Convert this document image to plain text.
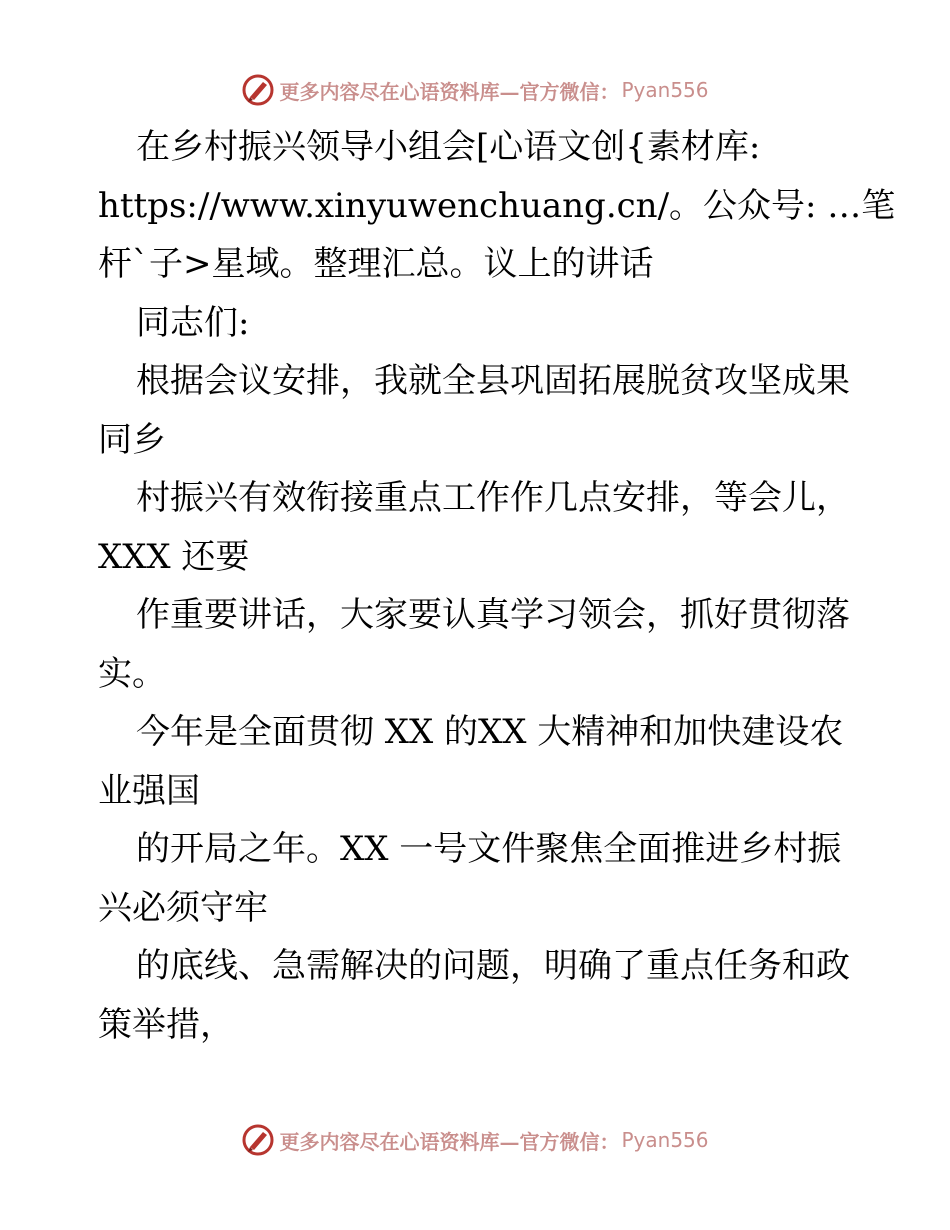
更多内容尽在心语资料库—官方微信： Pyan556
在乡村振兴领导小组会[心语文创{素材库:
https://www.xinyuwenchuang.cn/。公众号: …笔
杆`子>星域。整理汇总。议上的讲话
同志们:
根据会议安排，我就全县巩固拓展脱贫攻坚成果
同乡
村振兴有效衔接重点工作作几点安排，等会儿，
XXX 还要
作重要讲话，大家要认真学习领会，抓好贯彻落
实。
今年是全面贯彻 XX 的XX 大精神和加快建设农
业强国
的开局之年。XX 一号文件聚焦全面推进乡村振
兴必须守牢
的底线、急需解决的问题，明确了重点任务和政
策举措，
更多内容尽在心语资料库—官方微信： Pyan556
